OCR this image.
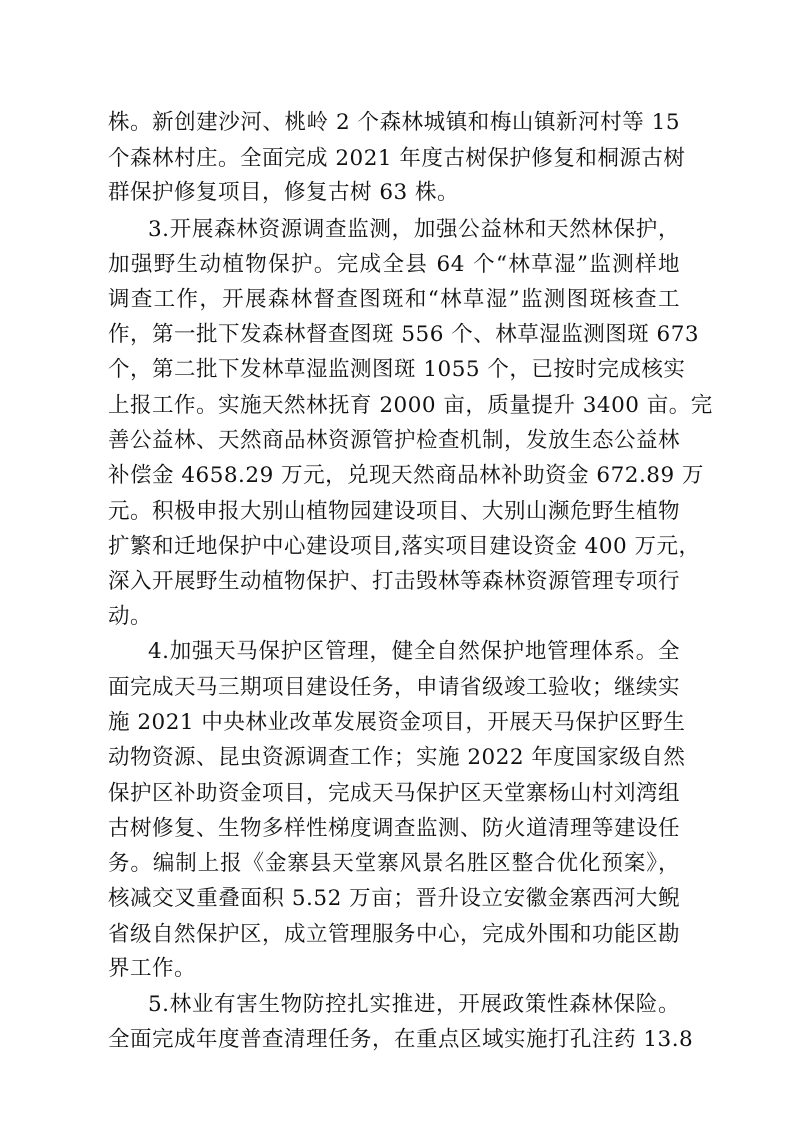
株。新创建沙河、桃岭 2 个森林城镇和梅山镇新河村等 15
个森林村庄。全面完成 2021 年度古树保护修复和桐源古树
群保护修复项目，修复古树 63 株。
3.开展森林资源调查监测，加强公益林和天然林保护，
加强野生动植物保护。完成全县 64 个“林草湿”监测样地
调查工作，开展森林督查图斑和“林草湿”监测图斑核查工
作，第一批下发森林督查图斑 556 个、林草湿监测图斑 673
个，第二批下发林草湿监测图斑 1055 个，已按时完成核实
上报工作。实施天然林抚育 2000 亩，质量提升 3400 亩。完
善公益林、天然商品林资源管护检查机制，发放生态公益林
补偿金 4658.29 万元，兑现天然商品林补助资金 672.89 万
元。积极申报大别山植物园建设项目、大别山濒危野生植物
扩繁和迁地保护中心建设项目,落实项目建设资金 400 万元，
深入开展野生动植物保护、打击毁林等森林资源管理专项行
动。
4.加强天马保护区管理，健全自然保护地管理体系。全
面完成天马三期项目建设任务，申请省级竣工验收；继续实
施 2021 中央林业改革发展资金项目，开展天马保护区野生
动物资源、昆虫资源调查工作；实施 2022 年度国家级自然
保护区补助资金项目，完成天马保护区天堂寨杨山村刘湾组
古树修复、生物多样性梯度调查监测、防火道清理等建设任
务。编制上报《金寨县天堂寨风景名胜区整合优化预案》，
核减交叉重叠面积 5.52 万亩；晋升设立安徽金寨西河大鲵
省级自然保护区，成立管理服务中心，完成外围和功能区勘
界工作。
5.林业有害生物防控扎实推进，开展政策性森林保险。
全面完成年度普查清理任务，在重点区域实施打孔注药 13.8
